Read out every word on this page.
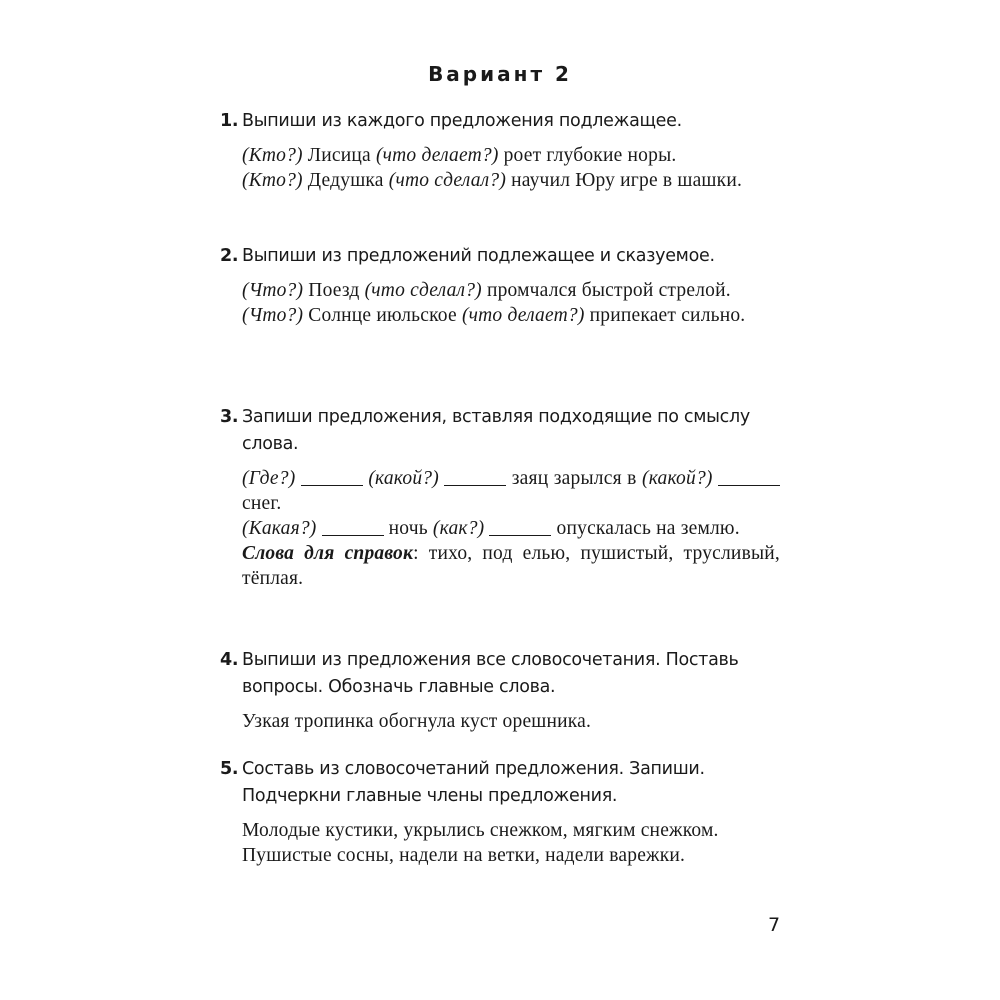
Вариант 2
1. Выпиши из каждого предложения подлежащее.

(Кто?) Лисица (что делает?) роет глубокие норы.

(Кто?) Дедушка (что сделал?) научил Юру игре в шашки.

2. Выпиши из предложений подлежащее и сказуемое.

(Что?) Поезд (что сделал?) промчался быстрой стрелой.

(Что?) Солнце июльское (что делает?) припекает сильно.

3. Запиши предложения, вставляя подходящие по смыслу слова.

(Где?)	(какой?)	заяц зарылся в (какой?)  снег.

(Какая?)	ночь (как?)	опускалась на землю.

Слова для справок: тихо, под елью, пушистый, трусливый, тёплая.

4. Выпиши из предложения все словосочетания. Поставь вопросы. Обозначь главные слова.

Узкая тропинка обогнула куст орешника.

5. Составь из словосочетаний предложения. Запиши. Подчеркни главные члены предложения.

Молодые кустики, укрылись снежком, мягким снежком.

Пушистые сосны, надели на ветки, надели варежки.

7
